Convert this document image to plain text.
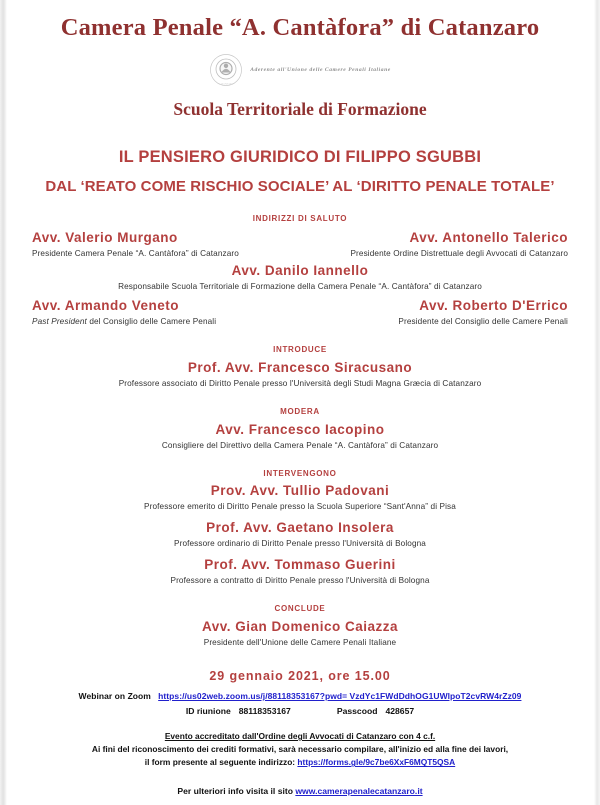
Camera Penale “A. Cantàfora” di Catanzaro
CATANZARO
Aderente all'Unione delle Camere Penali Italiane
Scuola Territoriale di Formazione
IL PENSIERO GIURIDICO DI FILIPPO SGUBBI
DAL ‘REATO COME RISCHIO SOCIALE’ AL ‘DIRITTO PENALE TOTALE’
INDIRIZZI DI SALUTO
Avv. Valerio Murgano
Presidente Camera Penale “A. Cantàfora” di Catanzaro
Avv. Antonello Talerico
Presidente Ordine Distrettuale degli Avvocati di Catanzaro
Avv. Danilo Iannello
Responsabile Scuola Territoriale di Formazione della Camera Penale “A. Cantàfora” di Catanzaro
Avv. Armando Veneto
Past President del Consiglio delle Camere Penali
Avv. Roberto D'Errico
Presidente del Consiglio delle Camere Penali
INTRODUCE
Prof. Avv. Francesco Siracusano
Professore associato di Diritto Penale presso l'Università degli Studi Magna Græcia di Catanzaro
MODERA
Avv. Francesco Iacopino
Consigliere del Direttivo della Camera Penale “A. Cantàfora” di Catanzaro
INTERVENGONO
Prov. Avv. Tullio Padovani
Professore emerito di Diritto Penale presso la Scuola Superiore “Sant'Anna” di Pisa
Prof. Avv. Gaetano Insolera
Professore ordinario di Diritto Penale presso l'Università di Bologna
Prof. Avv. Tommaso Guerini
Professore a contratto di Diritto Penale presso l'Università di Bologna
CONCLUDE
Avv. Gian Domenico Caiazza
Presidente dell'Unione delle Camere Penali Italiane
29 gennaio 2021, ore 15.00
Webinar on Zoom https://us02web.zoom.us/j/88118353167?pwd= VzdYc1FWdDdhOG1UWlpoT2cvRW4rZz09
ID riunione 88118353167	Passcood 428657
Evento accreditato dall'Ordine degli Avvocati di Catanzaro con 4 c.f.
Ai fini del riconoscimento dei crediti formativi, sarà necessario compilare, all'inizio ed alla fine dei lavori,
il form presente al seguente indirizzo: https://forms.gle/9c7be6XxF6MQT5QSA
Per ulteriori info visita il sito www.camerapenalecatanzaro.it
